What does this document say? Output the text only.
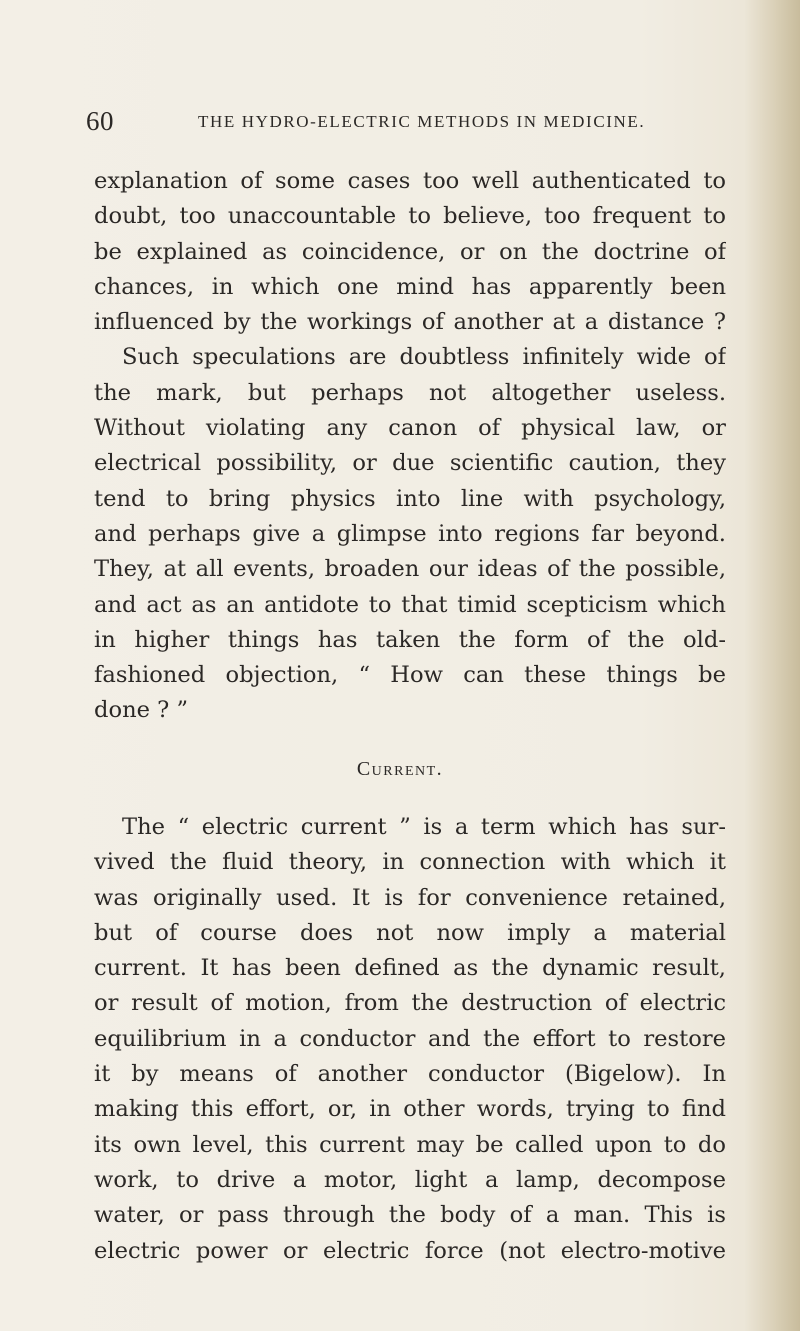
60	THE HYDRO-ELECTRIC METHODS IN MEDICINE.
explanation of some cases too well authenticated to
doubt, too unaccountable to believe, too frequent to
be explained as coincidence, or on the doctrine of
chances, in which one mind has apparently been
influenced by the workings of another at a distance ?
Such speculations are doubtless infinitely wide of
the mark, but perhaps not altogether useless.
Without violating any canon of physical law, or
electrical possibility, or due scientific caution, they
tend to bring physics into line with psychology,
and perhaps give a glimpse into regions far beyond.
They, at all events, broaden our ideas of the possible,
and act as an antidote to that timid scepticism which
in higher things has taken the form of the old-
fashioned objection, “ How can these things be
done ? ”
Current.
The “ electric current ” is a term which has sur-
vived the fluid theory, in connection with which it
was originally used. It is for convenience retained,
but of course does not now imply a material
current. It has been defined as the dynamic result,
or result of motion, from the destruction of electric
equilibrium in a conductor and the effort to restore
it by means of another conductor (Bigelow). In
making this effort, or, in other words, trying to find
its own level, this current may be called upon to do
work, to drive a motor, light a lamp, decompose
water, or pass through the body of a man. This is
electric power or electric force (not electro-motive
